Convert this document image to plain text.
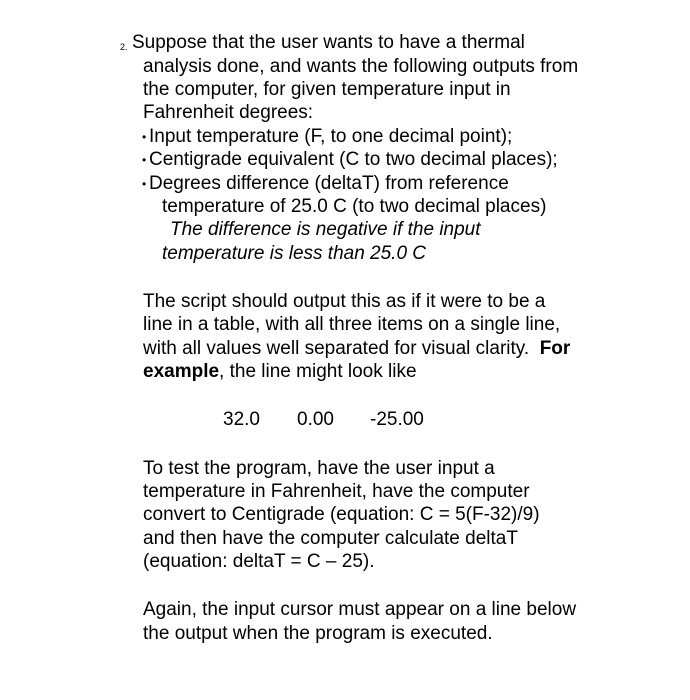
2. Suppose that the user wants to have a thermal
analysis done, and wants the following outputs from
the computer, for given temperature input in
Fahrenheit degrees:
• Input temperature (F, to one decimal point);
• Centigrade equivalent (C to two decimal places);
• Degrees difference (deltaT) from reference
temperature of 25.0 C (to two decimal places)
The difference is negative if the input
temperature is less than 25.0 C
The script should output this as if it were to be a
line in a table, with all three items on a single line,
with all values well separated for visual clarity.  For
example, the line might look like
32.0 0.00 -25.00
To test the program, have the user input a
temperature in Fahrenheit, have the computer
convert to Centigrade (equation: C = 5(F-32)/9)
and then have the computer calculate deltaT
(equation: deltaT = C – 25).
Again, the input cursor must appear on a line below
the output when the program is executed.
